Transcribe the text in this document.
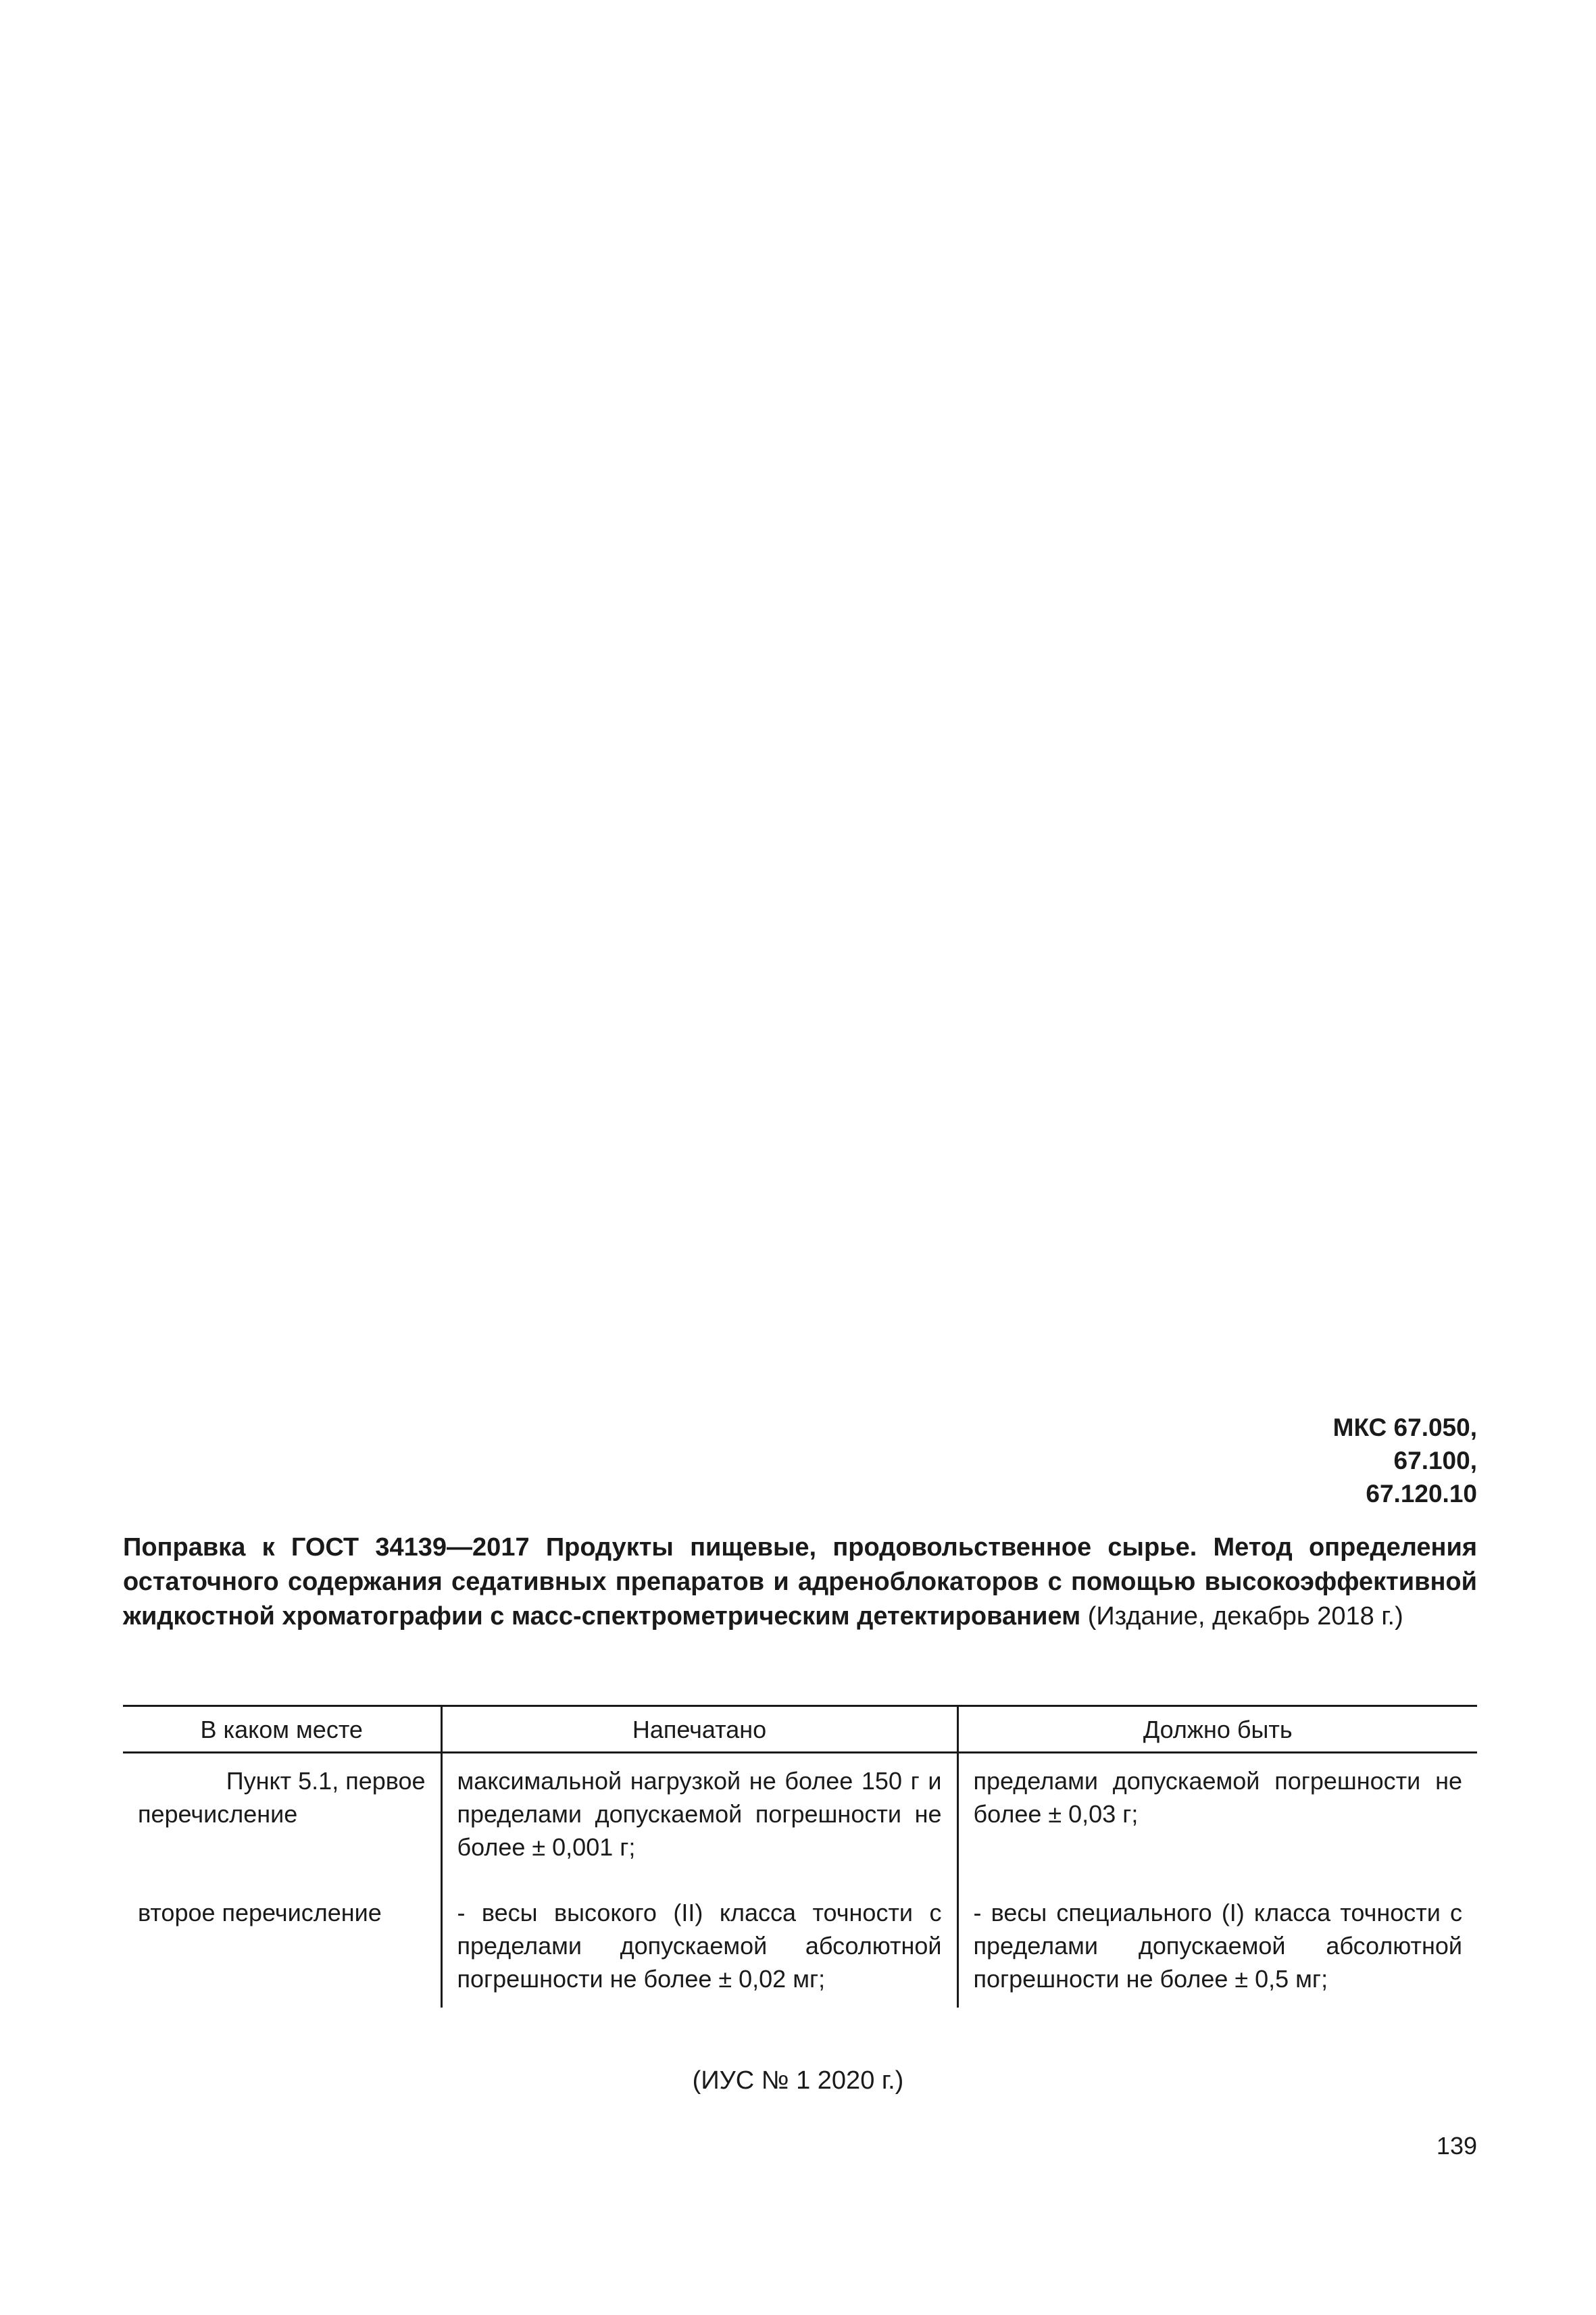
МКС 67.050,
67.100,
67.120.10
Поправка к ГОСТ 34139—2017 Продукты пищевые, продовольственное сырье. Метод определения остаточного содержания седативных препаратов и адреноблокаторов с помощью высокоэффективной жидкостной хроматографии с масс-спектрометрическим детектированием (Издание, декабрь 2018 г.)
В каком месте	Напечатано	Должно быть

Пункт 5.1, первое
перечисление	максимальной нагрузкой не более 150 г и пределами допускаемой погрешности не более ± 0,001 г;	пределами допускаемой погрешности не более ± 0,03 г;
второе перечисление	- весы высокого (II) класса точности с пределами допускаемой абсолютной погрешности не более ± 0,02 мг;	- весы специального (I) класса точности с пределами допускаемой абсолютной погрешности не более ± 0,5 мг;
(ИУС № 1 2020 г.)
139
